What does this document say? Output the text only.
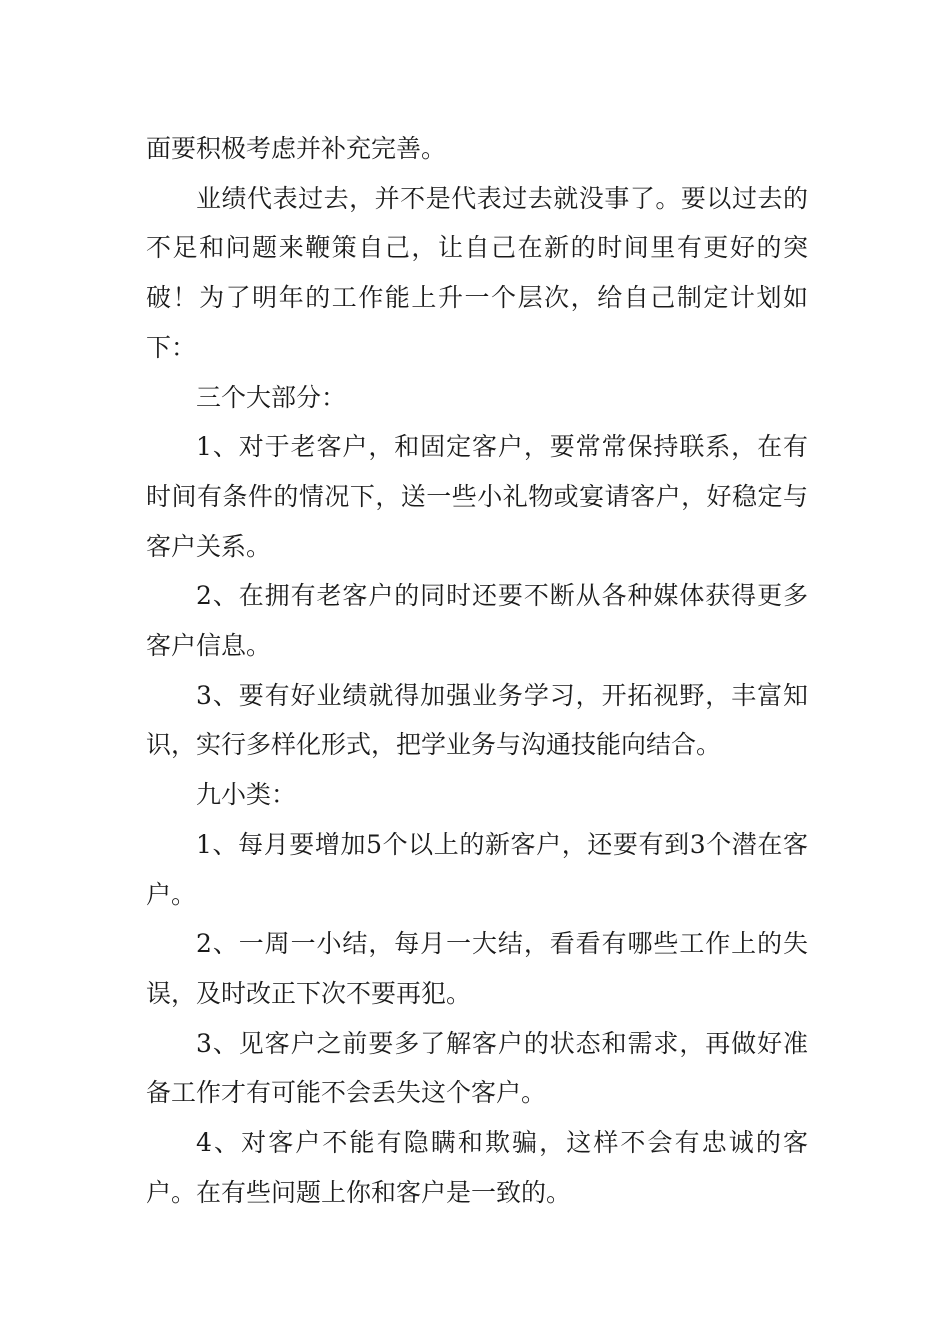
面要积极考虑并补充完善。

业绩代表过去，并不是代表过去就没事了。要以过去的不足和问题来鞭策自己，让自己在新的时间里有更好的突破！为了明年的工作能上升一个层次，给自己制定计划如下：

三个大部分：

1、对于老客户，和固定客户，要常常保持联系，在有时间有条件的情况下，送一些小礼物或宴请客户，好稳定与客户关系。

2、在拥有老客户的同时还要不断从各种媒体获得更多客户信息。

3、要有好业绩就得加强业务学习，开拓视野，丰富知识，实行多样化形式，把学业务与沟通技能向结合。

九小类：

1、每月要增加5个以上的新客户，还要有到3个潜在客户。

2、一周一小结，每月一大结，看看有哪些工作上的失误，及时改正下次不要再犯。

3、见客户之前要多了解客户的状态和需求，再做好准备工作才有可能不会丢失这个客户。

4、对客户不能有隐瞒和欺骗，这样不会有忠诚的客户。在有些问题上你和客户是一致的。
